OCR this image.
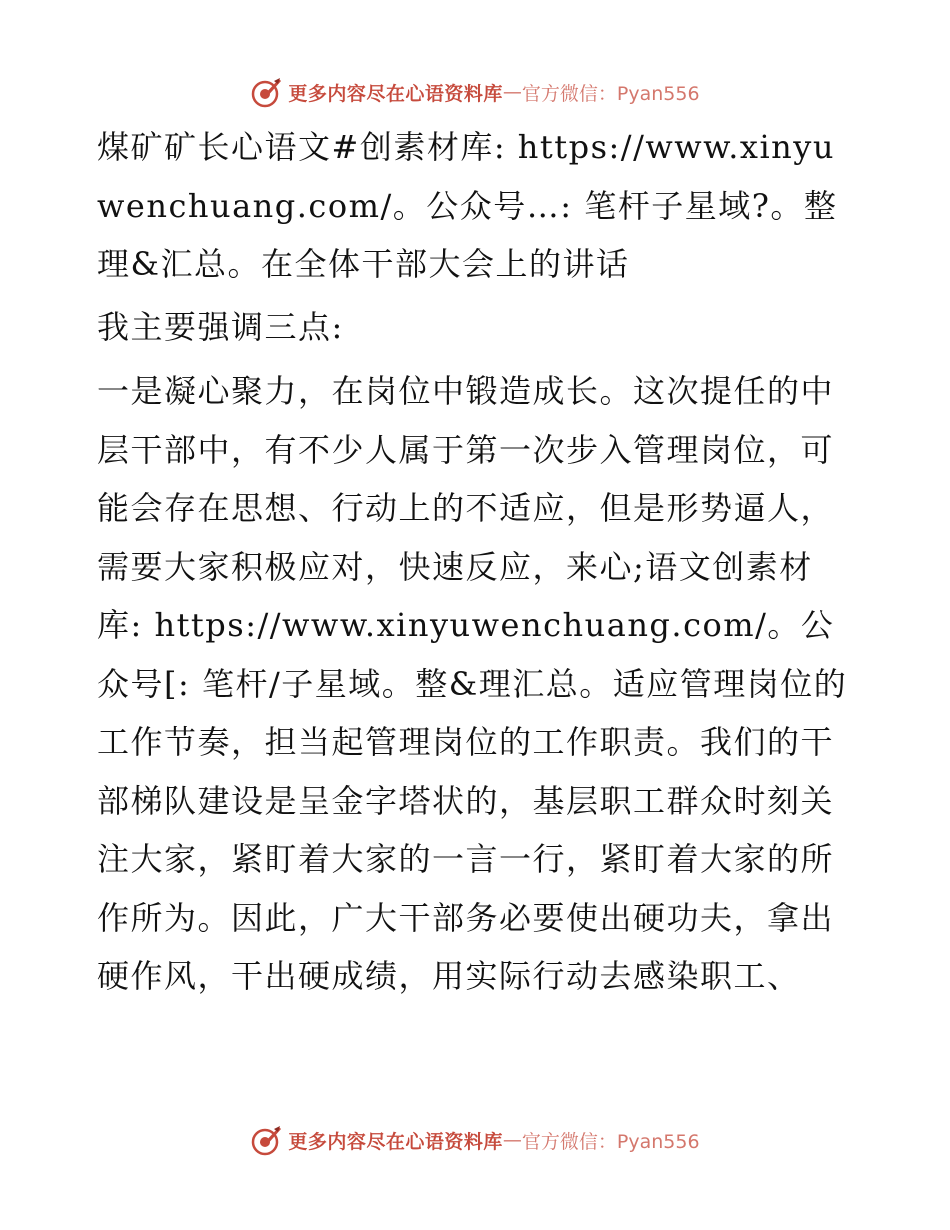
更多内容尽在心语资料库 — 官方微信：Pyan556

煤矿矿长心语文#创素材库: https://www.xinyuwenchuang.com/。公众号…: 笔杆子星域?。整理&汇总。在全体干部大会上的讲话

我主要强调三点:

一是凝心聚力，在岗位中锻造成长。这次提任的中层干部中，有不少人属于第一次步入管理岗位，可能会存在思想、行动上的不适应，但是形势逼人，需要大家积极应对，快速反应，来心;语文创素材库: https://www.xinyuwenchuang.com/。公众号[: 笔杆/子星域。整&理汇总。适应管理岗位的工作节奏，担当起管理岗位的工作职责。我们的干部梯队建设是呈金字塔状的，基层职工群众时刻关注大家，紧盯着大家的一言一行，紧盯着大家的所作所为。因此，广大干部务必要使出硬功夫，拿出硬作风，干出硬成绩，用实际行动去感染职工、

更多内容尽在心语资料库 — 官方微信：Pyan556
